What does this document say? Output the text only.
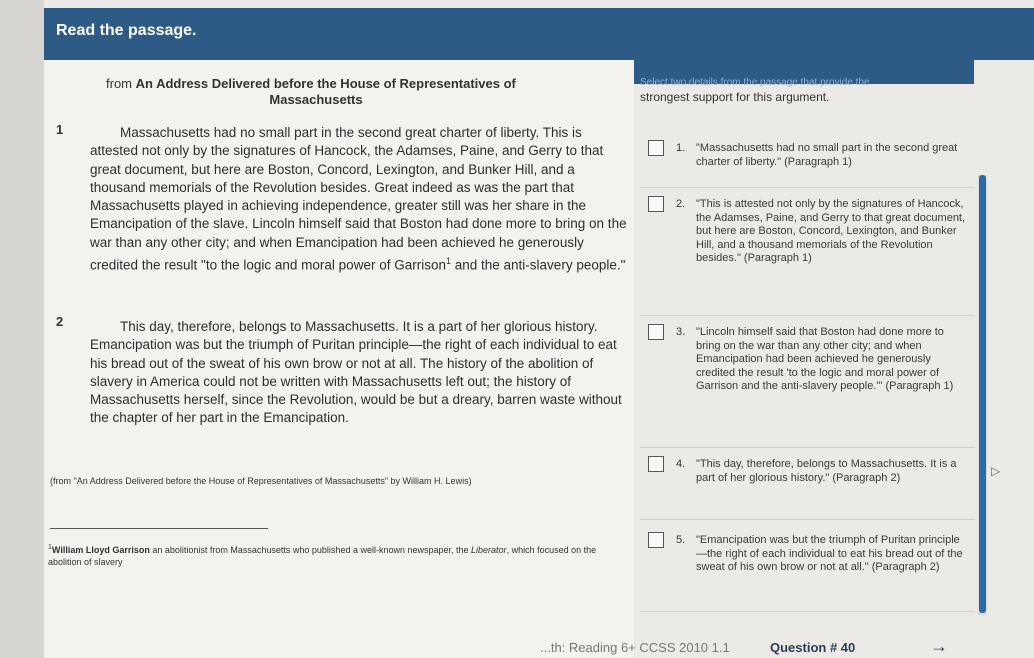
Read the passage.
from An Address Delivered before the House of Representatives of
Massachusetts
1	Massachusetts had no small part in the second great charter of liberty. This is attested not only by the signatures of Hancock, the Adamses, Paine, and Gerry to that great document, but here are Boston, Concord, Lexington, and Bunker Hill, and a thousand memorials of the Revolution besides. Great indeed as was the part that Massachusetts played in achieving independence, greater still was her share in the Emancipation of the slave. Lincoln himself said that Boston had done more to bring on the war than any other city; and when Emancipation had been achieved he generously credited the result "to the logic and moral power of Garrison$^1$ and the anti-slavery people."

2	This day, therefore, belongs to Massachusetts. It is a part of her glorious history. Emancipation was but the triumph of Puritan principle—the right of each individual to eat his bread out of the sweat of his own brow or not at all. The history of the abolition of slavery in America could not be written with Massachusetts left out; the history of Massachusetts herself, since the Revolution, would be but a dreary, barren waste without the chapter of her part in the Emancipation.

(from "An Address Delivered before the House of Representatives of Massachusetts" by William H. Lewis)
$^1$William Lloyd Garrison an abolitionist from Massachusetts who published a well-known newspaper, the Liberator, which focused on the abolition of slavery
Select two details from the passage that provide the
strongest support for this argument.
1. "Massachusetts had no small part in the second great charter of liberty." (Paragraph 1)
2. "This is attested not only by the signatures of Hancock, the Adamses, Paine, and Gerry to that great document, but here are Boston, Concord, Lexington, and Bunker Hill, and a thousand memorials of the Revolution besides." (Paragraph 1)
3. "Lincoln himself said that Boston had done more to bring on the war than any other city; and when Emancipation had been achieved he generously credited the result 'to the logic and moral power of Garrison and the anti-slavery people.'" (Paragraph 1)
4. "This day, therefore, belongs to Massachusetts. It is a part of her glorious history." (Paragraph 2)
5. "Emancipation was but the triumph of Puritan principle—the right of each individual to eat his bread out of the sweat of his own brow or not at all." (Paragraph 2)
▷
...th: Reading 6+ CCSS 2010 1.1	Question # 40	→
